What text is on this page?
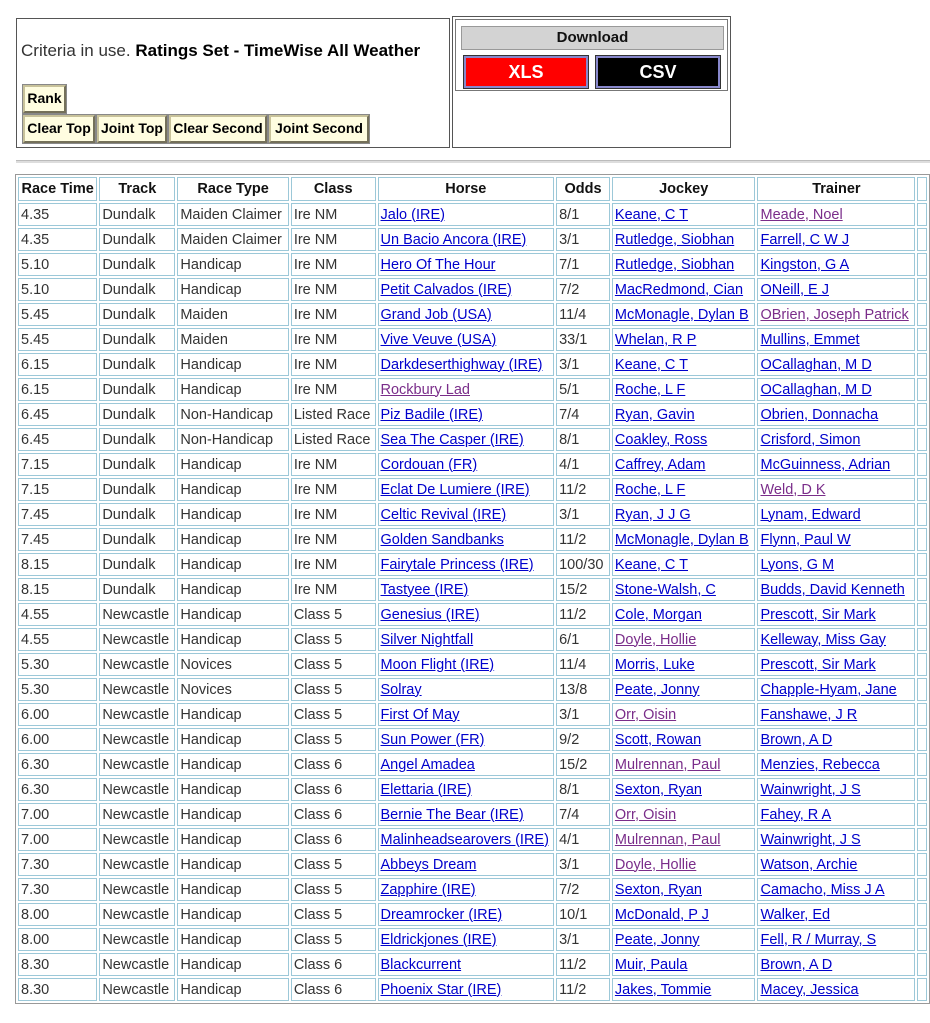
Criteria in use. Ratings Set - TimeWise All Weather
Rank
Clear Top Joint Top Clear Second Joint Second
Download
XLS	CSV
Race Time	Track	Race Type	Class	Horse	Odds	Jockey	Trainer	
4.35	Dundalk	Maiden Claimer	Ire NM	Jalo (IRE)	8/1	Keane, C T	Meade, Noel	
4.35	Dundalk	Maiden Claimer	Ire NM	Un Bacio Ancora (IRE)	3/1	Rutledge, Siobhan	Farrell, C W J	
5.10	Dundalk	Handicap	Ire NM	Hero Of The Hour	7/1	Rutledge, Siobhan	Kingston, G A	
5.10	Dundalk	Handicap	Ire NM	Petit Calvados (IRE)	7/2	MacRedmond, Cian	ONeill, E J	
5.45	Dundalk	Maiden	Ire NM	Grand Job (USA)	11/4	McMonagle, Dylan B	OBrien, Joseph Patrick	
5.45	Dundalk	Maiden	Ire NM	Vive Veuve (USA)	33/1	Whelan, R P	Mullins, Emmet	
6.15	Dundalk	Handicap	Ire NM	Darkdeserthighway (IRE)	3/1	Keane, C T	OCallaghan, M D	
6.15	Dundalk	Handicap	Ire NM	Rockbury Lad	5/1	Roche, L F	OCallaghan, M D	
6.45	Dundalk	Non-Handicap	Listed Race	Piz Badile (IRE)	7/4	Ryan, Gavin	Obrien, Donnacha	
6.45	Dundalk	Non-Handicap	Listed Race	Sea The Casper (IRE)	8/1	Coakley, Ross	Crisford, Simon	
7.15	Dundalk	Handicap	Ire NM	Cordouan (FR)	4/1	Caffrey, Adam	McGuinness, Adrian	
7.15	Dundalk	Handicap	Ire NM	Eclat De Lumiere (IRE)	11/2	Roche, L F	Weld, D K	
7.45	Dundalk	Handicap	Ire NM	Celtic Revival (IRE)	3/1	Ryan, J J G	Lynam, Edward	
7.45	Dundalk	Handicap	Ire NM	Golden Sandbanks	11/2	McMonagle, Dylan B	Flynn, Paul W	
8.15	Dundalk	Handicap	Ire NM	Fairytale Princess (IRE)	100/30	Keane, C T	Lyons, G M	
8.15	Dundalk	Handicap	Ire NM	Tastyee (IRE)	15/2	Stone-Walsh, C	Budds, David Kenneth	
4.55	Newcastle	Handicap	Class 5	Genesius (IRE)	11/2	Cole, Morgan	Prescott, Sir Mark	
4.55	Newcastle	Handicap	Class 5	Silver Nightfall	6/1	Doyle, Hollie	Kelleway, Miss Gay	
5.30	Newcastle	Novices	Class 5	Moon Flight (IRE)	11/4	Morris, Luke	Prescott, Sir Mark	
5.30	Newcastle	Novices	Class 5	Solray	13/8	Peate, Jonny	Chapple-Hyam, Jane	
6.00	Newcastle	Handicap	Class 5	First Of May	3/1	Orr, Oisin	Fanshawe, J R	
6.00	Newcastle	Handicap	Class 5	Sun Power (FR)	9/2	Scott, Rowan	Brown, A D	
6.30	Newcastle	Handicap	Class 6	Angel Amadea	15/2	Mulrennan, Paul	Menzies, Rebecca	
6.30	Newcastle	Handicap	Class 6	Elettaria (IRE)	8/1	Sexton, Ryan	Wainwright, J S	
7.00	Newcastle	Handicap	Class 6	Bernie The Bear (IRE)	7/4	Orr, Oisin	Fahey, R A	
7.00	Newcastle	Handicap	Class 6	Malinheadsearovers (IRE)	4/1	Mulrennan, Paul	Wainwright, J S	
7.30	Newcastle	Handicap	Class 5	Abbeys Dream	3/1	Doyle, Hollie	Watson, Archie	
7.30	Newcastle	Handicap	Class 5	Zapphire (IRE)	7/2	Sexton, Ryan	Camacho, Miss J A	
8.00	Newcastle	Handicap	Class 5	Dreamrocker (IRE)	10/1	McDonald, P J	Walker, Ed	
8.00	Newcastle	Handicap	Class 5	Eldrickjones (IRE)	3/1	Peate, Jonny	Fell, R / Murray, S	
8.30	Newcastle	Handicap	Class 6	Blackcurrent	11/2	Muir, Paula	Brown, A D	
8.30	Newcastle	Handicap	Class 6	Phoenix Star (IRE)	11/2	Jakes, Tommie	Macey, Jessica	
